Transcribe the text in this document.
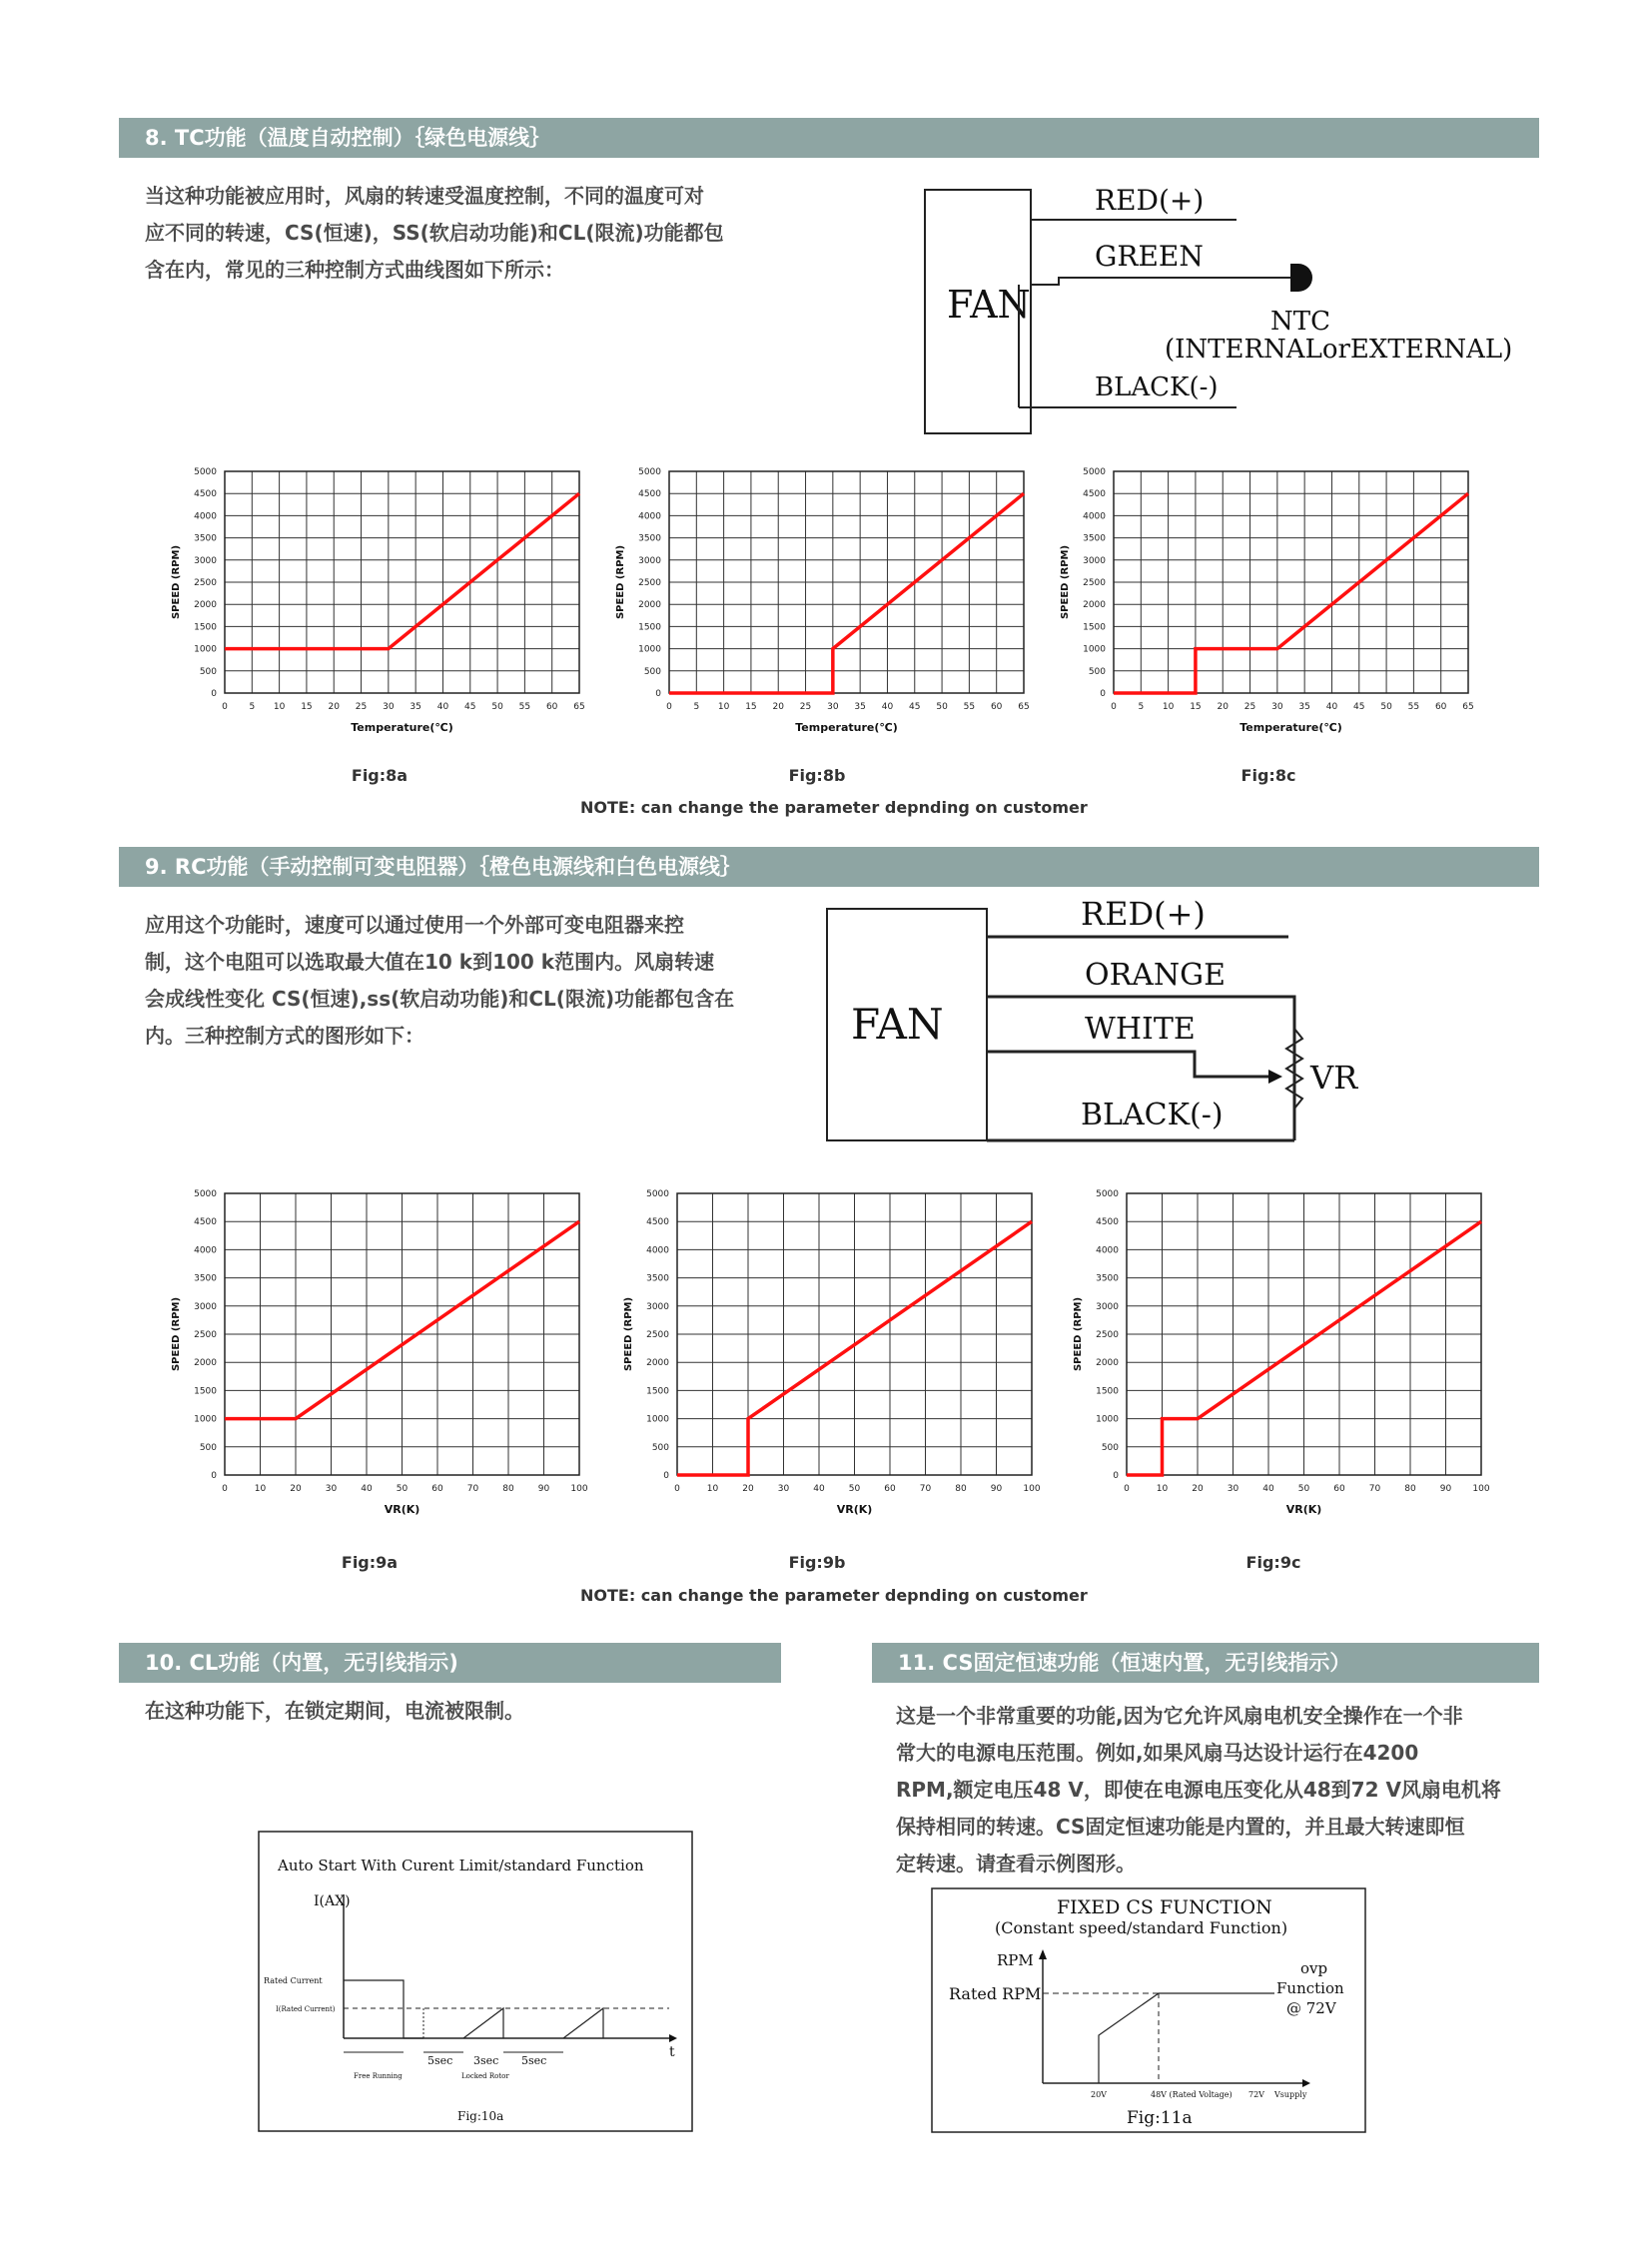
8. TC功能（温度自动控制）｛绿色电源线｝
当这种功能被应用时，风扇的转速受温度控制，不同的温度可对
应不同的转速，CS(恒速)，SS(软启动功能)和CL(限流)功能都包
含在内，常见的三种控制方式曲线图如下所示：
FAN
RED(+)
GREEN
NTC
(INTERNALorEXTERNAL)
BLACK(-)
0 5 10 15 20 25 30 35 40 45 50 55 60 65
0
500
1000
1500
2000
2500
3000
3500
4000
4500
5000
Temperature(℃)
SPEED (RPM)
0 5 10 15 20 25 30 35 40 45 50 55 60 65
0
500
1000
1500
2000
2500
3000
3500
4000
4500
5000
Temperature(℃)
SPEED (RPM)
0 5 10 15 20 25 30 35 40 45 50 55 60 65
0
500
1000
1500
2000
2500
3000
3500
4000
4500
5000
Temperature(℃)
SPEED (RPM)
Fig:8a	Fig:8b	Fig:8c
NOTE: can change the parameter depnding on customer
9. RC功能（手动控制可变电阻器）｛橙色电源线和白色电源线｝
应用这个功能时，速度可以通过使用一个外部可变电阻器来控
制，这个电阻可以选取最大值在10 k到100 k范围内。风扇转速
会成线性变化 CS(恒速),ss(软启动功能)和CL(限流)功能都包含在
内。三种控制方式的图形如下：	FAN
RED(+)
ORANGE
WHITE
VR
BLACK(-)
0	10	20	30	40	50	60	70	80	90 100
0
500
1000
1500
2000
2500
3000
3500
4000
4500
5000
VR(K)
SPEED (RPM)
0	10	20	30	40	50	60	70	80	90 100
0
500
1000
1500
2000
2500
3000
3500
4000
4500
5000
VR(K)
SPEED (RPM)
0	10	20	30	40	50	60	70	80	90 100
0
500
1000
1500
2000
2500
3000
3500
4000
4500
5000
VR(K)
SPEED (RPM)
Fig:9a	Fig:9b	Fig:9c
NOTE: can change the parameter depnding on customer
10. CL功能（内置，无引线指示)
在这种功能下，在锁定期间，电流被限制。
Auto Start With Curent Limit/standard Function
I(AX)
t
Rated Current
I(Rated Current)
5sec 3sec 5sec
Free Running	Locked Rotor
Fig:10a
11. CS固定恒速功能（恒速内置，无引线指示）
这是一个非常重要的功能,因为它允许风扇电机安全操作在一个非
常大的电源电压范围。例如,如果风扇马达设计运行在4200
RPM,额定电压48 V，即使在电源电压变化从48到72 V风扇电机将
保持相同的转速。CS固定恒速功能是内置的，并且最大转速即恒
定转速。请查看示例图形。
FIXED CS FUNCTION
(Constant speed/standard Function)
RPM
Rated RPM
ovp
Function
@ 72V
20V	48V (Rated Voltage) 72V Vsupply
Fig:11a
